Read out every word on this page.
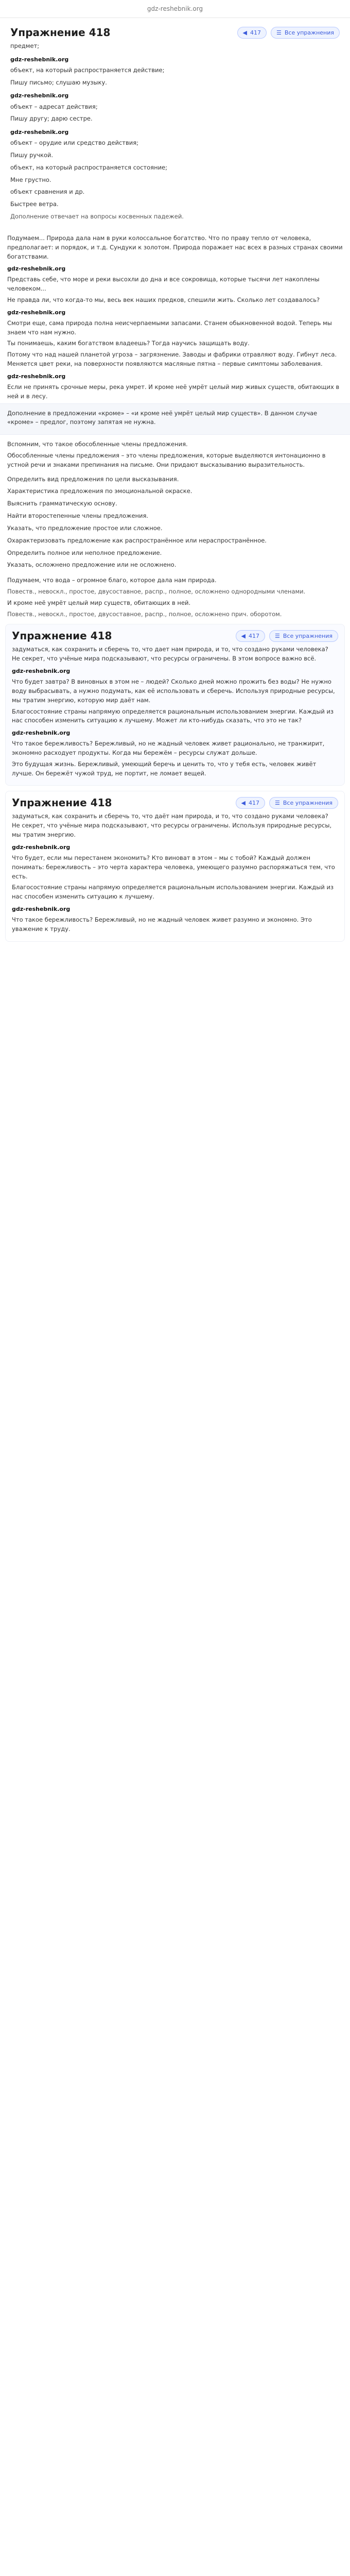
gdz-reshebnik.org
Упражнение 418	◀ 417	☰ Все упражнения
предмет;
gdz-reshebnik.org
объект, на который распространяется действие;
Пишу письмо; слушаю музыку.
gdz-reshebnik.org
объект – адресат действия;
Пишу другу; дарю сестре.
gdz-reshebnik.org
объект – орудие или средство действия;
Пишу ручкой.
объект, на который распространяется состояние;
Мне грустно.
объект сравнения и др.
Быстрее ветра.
Дополнение отвечает на вопросы косвенных падежей.

Подумаем... Природа дала нам в руки колоссальное богатство. Что по праву тепло от человека, предполагает: и порядок, и т.д. Сундуки к золотом. Природа поражает нас всех в разных странах своими богатствами.

gdz-reshebnik.org

Представь себе, что море и реки высохли до дна и все сокровища, которые тысячи лет накоплены человеком...

Не правда ли, что когда-то мы, весь век наших предков, спешили жить. Сколько лет создавалось?

gdz-reshebnik.org

Смотри еще, сама природа полна неисчерпаемыми запасами. Станем обыкновенной водой. Теперь мы знаем что нам нужно.

Ты понимаешь, каким богатством владеешь? Тогда научись защищать воду.

Потому что над нашей планетой угроза – загрязнение. Заводы и фабрики отравляют воду. Гибнут леса. Меняется цвет реки, на поверхности появляются масляные пятна – первые симптомы заболевания.

gdz-reshebnik.org

Если не принять срочные меры, река умрет. И кроме неё умрёт целый мир живых существ, обитающих в ней и в лесу.

Дополнение в предложении «кроме» – «и кроме неё умрёт целый мир существ». В данном случае «кроме» – предлог, поэтому запятая не нужна.

Вспомним, что такое обособленные члены предложения.

Обособленные члены предложения – это члены предложения, которые выделяются интонационно в устной речи и знаками препинания на письме. Они придают высказыванию выразительность.

Определить вид предложения по цели высказывания.
Характеристика предложения по эмоциональной окраске.
Выяснить грамматическую основу.
Найти второстепенные члены предложения.
Указать, что предложение простое или сложное.
Охарактеризовать предложение как распространённое или нераспространённое.
Определить полное или неполное предложение.
Указать, осложнено предложение или не осложнено.

Подумаем, что вода – огромное благо, которое дала нам природа.

Повеств., невоскл., простое, двусоставное, распр., полное, осложнено однородными членами.

И кроме неё умрёт целый мир существ, обитающих в ней.

Повеств., невоскл., простое, двусоставное, распр., полное, осложнено прич. оборотом.

Упражнение 418	◀ 417	☰ Все упражнения

задуматься, как сохранить и сберечь то, что дает нам природа, и то, что создано руками человека? Не секрет, что учёные мира подсказывают, что ресурсы ограничены. В этом вопросе важно всё.

gdz-reshebnik.org

Что будет завтра? В виновных в этом не – людей? Сколько дней можно прожить без воды? Не нужно воду выбрасывать, а нужно подумать, как её использовать и сберечь. Используя природные ресурсы, мы тратим энергию, которую мир даёт нам.

Благосостояние страны напрямую определяется рациональным использованием энергии. Каждый из нас способен изменить ситуацию к лучшему. Может ли кто-нибудь сказать, что это не так?

gdz-reshebnik.org

Что такое бережливость? Бережливый, но не жадный человек живет рационально, не транжирит, экономно расходует продукты. Когда мы бережём – ресурсы служат дольше.

Это будущая жизнь. Бережливый, умеющий беречь и ценить то, что у тебя есть, человек живёт лучше. Он бережёт чужой труд, не портит, не ломает вещей.

Упражнение 418	◀ 417	☰ Все упражнения

задуматься, как сохранить и сберечь то, что даёт нам природа, и то, что создано руками человека? Не секрет, что учёные мира подсказывают, что ресурсы ограничены. Используя природные ресурсы, мы тратим энергию.

gdz-reshebnik.org

Что будет, если мы перестанем экономить? Кто виноват в этом – мы с тобой? Каждый должен понимать: бережливость – это черта характера человека, умеющего разумно распоряжаться тем, что есть.

Благосостояние страны напрямую определяется рациональным использованием энергии. Каждый из нас способен изменить ситуацию к лучшему.

gdz-reshebnik.org

Что такое бережливость? Бережливый, но не жадный человек живет разумно и экономно. Это уважение к труду.
